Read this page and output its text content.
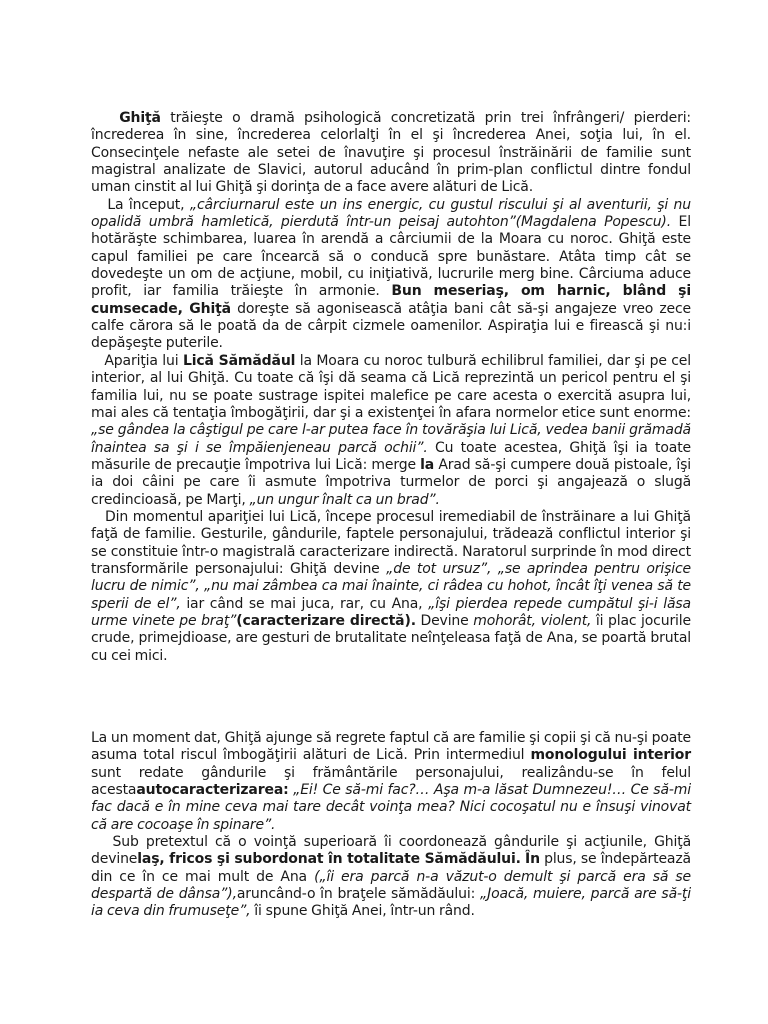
Ghiţă trăieşte o dramă psihologică concretizată prin trei înfrângeri/ pierderi: încrederea în sine, încrederea celorlalţi în el şi încrederea Anei, soţia lui, în el. Consecinţele nefaste ale setei de înavuţire şi procesul înstrăinării de familie sunt magistral analizate de Slavici, autorul aducând în prim-plan conflictul dintre fondul uman cinstit al lui Ghiţă şi dorinţa de a face avere alături de Lică.

La început, „cârciurnarul este un ins energic, cu gustul riscului şi al aventurii, şi nu opalidă umbră hamletică, pierdută într-un peisaj autohton”(Magdalena Popescu). El hotărăşte schimbarea, luarea în arendă a cârciumii de la Moara cu noroc. Ghiţă este capul familiei pe care încearcă să o conducă spre bunăstare. Atâta timp cât se dovedeşte un om de acţiune, mobil, cu iniţiativă, lucrurile merg bine. Cârciuma aduce profit, iar familia trăieşte în armonie. Bun meseriaş, om harnic, blând şi cumsecade, Ghiţă doreşte să agonisească atâţia bani cât să-şi angajeze vreo zece calfe cărora să le poată da de cârpit cizmele oamenilor. Aspiraţia lui e firească şi nu:i depăşeşte puterile.

Apariţia lui Lică Sămădăul la Moara cu noroc tulbură echilibrul familiei, dar şi pe cel interior, al lui Ghiţă. Cu toate că îşi dă seama că Lică reprezintă un pericol pentru el şi familia lui, nu se poate sustrage ispitei malefice pe care acesta o exercită asupra lui, mai ales că tentaţia îmbogăţirii, dar şi a existenţei în afara normelor etice sunt enorme: „se gândea la câştigul pe care l-ar putea face în tovărăşia lui Lică, vedea banii grămadă înaintea sa şi i se împăienjeneau parcă ochii”. Cu toate acestea, Ghiţă îşi ia toate măsurile de precauţie împotriva lui Lică: merge la Arad să-şi cumpere două pistoale, îşi ia doi câini pe care îi asmute împotriva turmelor de porci şi angajează o slugă credincioasă, pe Marţi, „un ungur înalt ca un brad”.

Din momentul apariţiei lui Lică, începe procesul iremediabil de înstrăinare a lui Ghiţă faţă de familie. Gesturile, gândurile, faptele personajului, trădează conflictul interior şi se constituie într-o magistrală caracterizare indirectă. Naratorul surprinde în mod direct transformările personajului: Ghiţă devine „de tot ursuz”, „se aprindea pentru orişice lucru de nimic”, „nu mai zâmbea ca mai înainte, ci râdea cu hohot, încât îţi venea să te sperii de el”, iar când se mai juca, rar, cu Ana, „îşi pierdea repede cumpătul şi-i lăsa urme vinete pe braţ”(caracterizare directă). Devine mohorât, violent, îi plac jocurile crude, primejdioase, are gesturi de brutalitate neînţeleasa faţă de Ana, se poartă brutal cu cei mici.

La un moment dat, Ghiţă ajunge să regrete faptul că are familie şi copii şi că nu-şi poate asuma total riscul îmbogăţirii alături de Lică. Prin intermediul monologului interior sunt redate gândurile şi frământările personajului, realizându-se în felul acestaautocaracterizarea: „Ei! Ce să-mi fac?… Aşa m-a lăsat Dumnezeu!… Ce să-mi fac dacă e în mine ceva mai tare decât voinţa mea? Nici cocoşatul nu e însuşi vinovat că are cocoaşe în spinare”.

Sub pretextul că o voinţă superioară îi coordonează gândurile şi acţiunile, Ghiţă devinelaş, fricos şi subordonat în totalitate Sămădăului. În plus, se îndepărtează din ce în ce mai mult de Ana („îi era parcă n-a văzut-o demult şi parcă era să se despartă de dânsa”),aruncând-o în braţele sămădăului: „Joacă, muiere, parcă are să-ţi ia ceva din frumuseţe”, îi spune Ghiţă Anei, într-un rând.
